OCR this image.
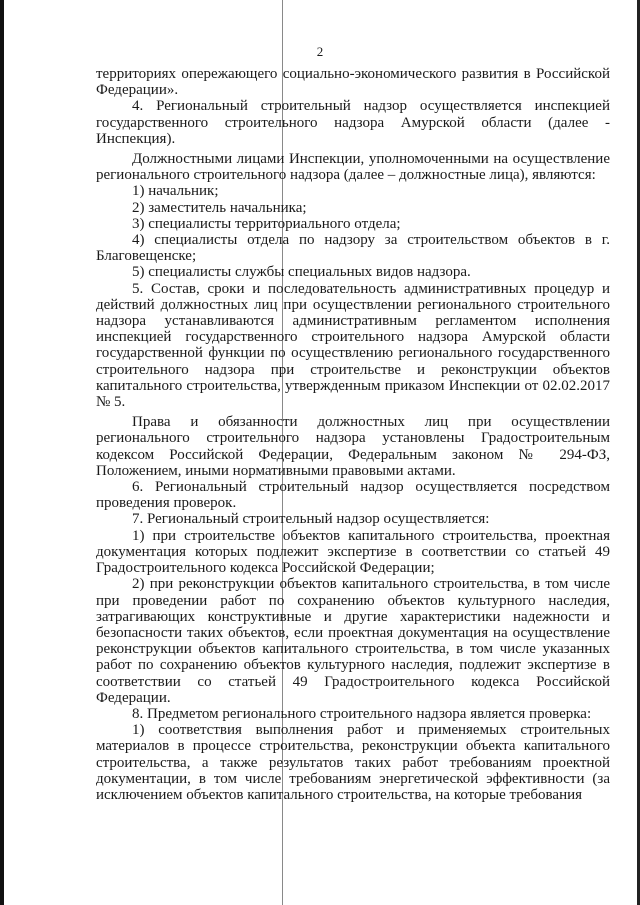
2

территориях опережающего социально-экономического развития в Российской Федерации».

4. Региональный строительный надзор осуществляется инспекцией государственного строительного надзора Амурской области (далее - Инспекция).

Должностными лицами Инспекции, уполномоченными на осуществление регионального строительного надзора (далее – должностные лица), являются:

1) начальник;

2) заместитель начальника;

3) специалисты территориального отдела;

4) специалисты отдела по надзору за строительством объектов в г. Благовещенске;

5) специалисты службы специальных видов надзора.

5. Состав, сроки и последовательность административных процедур и действий должностных лиц при осуществлении регионального строительного надзора устанавливаются административным регламентом исполнения инспекцией государственного строительного надзора Амурской области государственной функции по осуществлению регионального государственного строительного надзора при строительстве и реконструкции объектов капитального строительства, утвержденным приказом Инспекции от 02.02.2017 № 5.

Права и обязанности должностных лиц при осуществлении регионального строительного надзора установлены Градостроительным кодексом Российской Федерации, Федеральным законом № 294-ФЗ, Положением, иными нормативными правовыми актами.

6. Региональный строительный надзор осуществляется посредством проведения проверок.

7. Региональный строительный надзор осуществляется:

1) при строительстве объектов капитального строительства, проектная документация которых подлежит экспертизе в соответствии со статьей 49 Градостроительного кодекса Российской Федерации;

2) при реконструкции объектов капитального строительства, в том числе при проведении работ по сохранению объектов культурного наследия, затрагивающих конструктивные и другие характеристики надежности и безопасности таких объектов, если проектная документация на осуществление реконструкции объектов капитального строительства, в том числе указанных работ по сохранению объектов культурного наследия, подлежит экспертизе в соответствии со статьей 49 Градостроительного кодекса Российской Федерации.

8. Предметом регионального строительного надзора является проверка:

1) соответствия выполнения работ и применяемых строительных материалов в процессе строительства, реконструкции объекта капитального строительства, а также результатов таких работ требованиям проектной документации, в том числе требованиям энергетической эффективности (за исключением объектов капитального строительства, на которые требования
